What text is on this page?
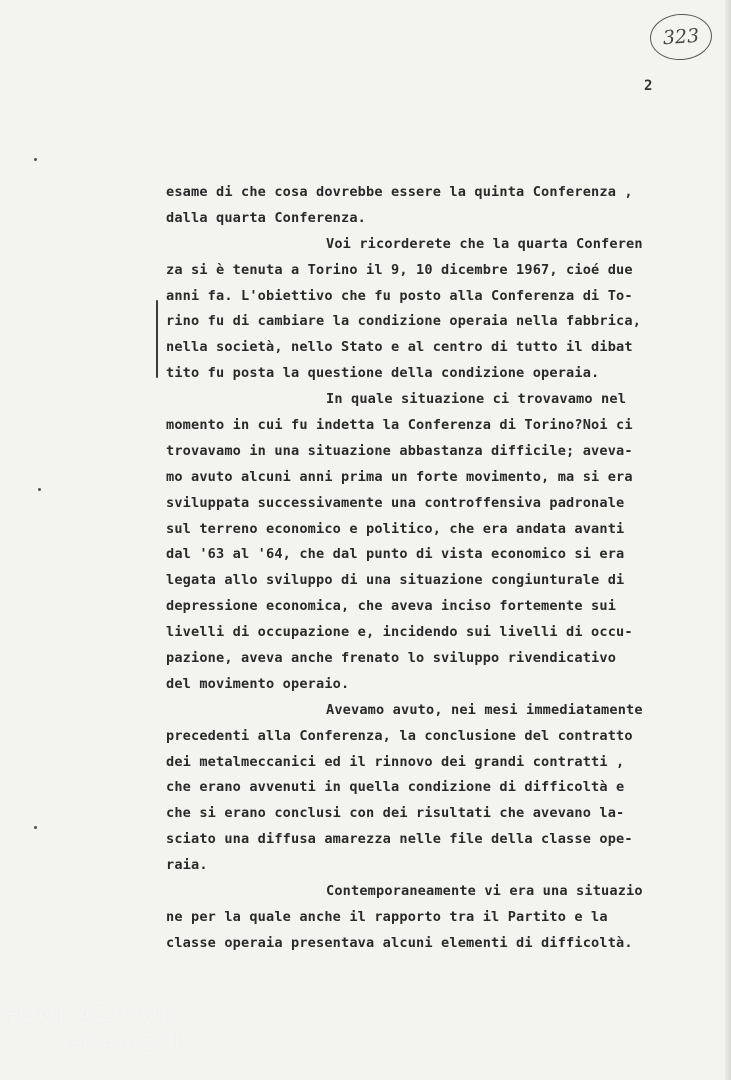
323
2
esame di che cosa dovrebbe essere la quinta Conferenza ,
dalla quarta Conferenza.
Voi ricorderete che la quarta Conferen
za si è tenuta a Torino il 9, 10 dicembre 1967, cioé due
anni fa. L'obiettivo che fu posto alla Conferenza di To-
rino fu di cambiare la condizione operaia nella fabbrica,
nella società, nello Stato e al centro di tutto il dibat
tito fu posta la questione della condizione operaia.
In quale situazione ci trovavamo nel
momento in cui fu indetta la Conferenza di Torino?Noi ci
trovavamo in una situazione abbastanza difficile; aveva-
mo avuto alcuni anni prima un forte movimento, ma si era
sviluppata successivamente una controffensiva padronale
sul terreno economico e politico, che era andata avanti
dal '63 al '64, che dal punto di vista economico si era
legata allo sviluppo di una situazione congiunturale di
depressione economica, che aveva inciso fortemente sui
livelli di occupazione e, incidendo sui livelli di occu-
pazione, aveva anche frenato lo sviluppo rivendicativo
del movimento operaio.
Avevamo avuto, nei mesi immediatamente
precedenti alla Conferenza, la conclusione del contratto
dei metalmeccanici ed il rinnovo dei grandi contratti ,
che erano avvenuti in quella condizione di difficoltà e
che si erano conclusi con dei risultati che avevano la-
sciato una diffusa amarezza nelle file della classe ope-
raia.
Contemporaneamente vi era una situazio
ne per la quale anche il rapporto tra il Partito e la
classe operaia presentava alcuni elementi di difficoltà.
FONDAZIONE
GRAMSCI
